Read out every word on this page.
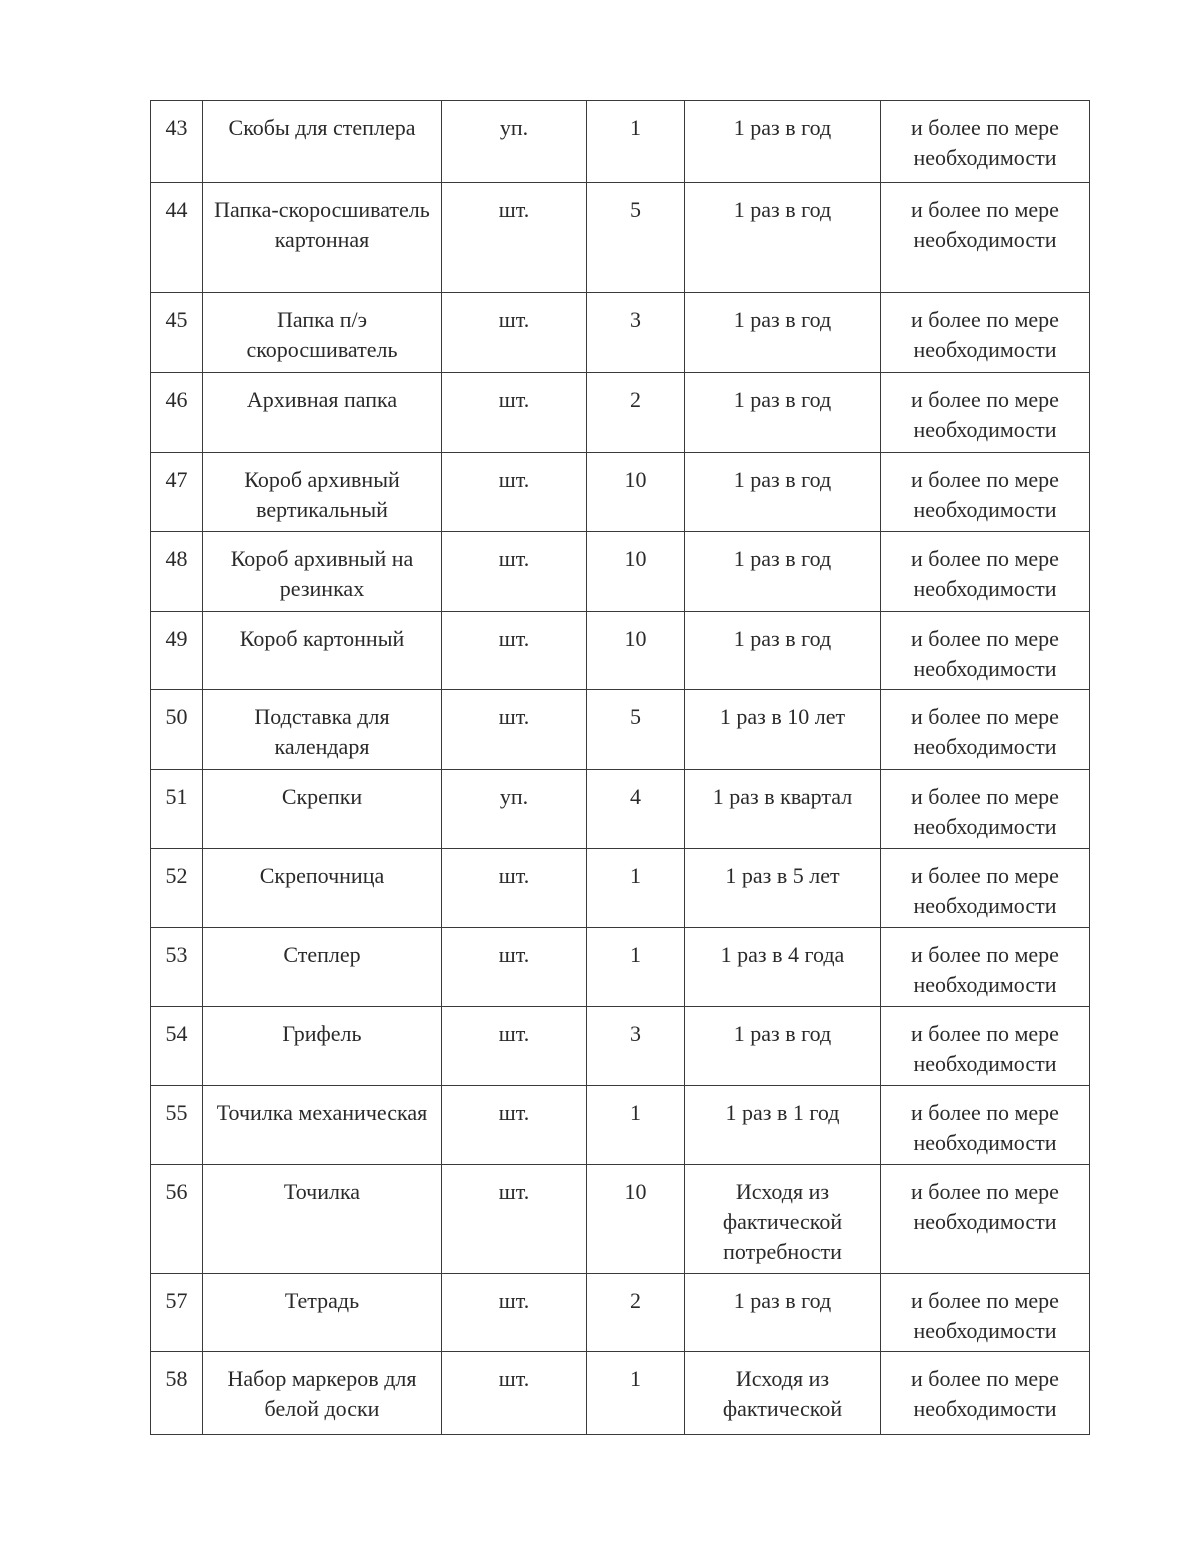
43	Скобы для степлера	уп.	1	1 раз в год	и более по мере необходимости
44	Папка-скоросшиватель картонная	шт.	5	1 раз в год	и более по мере необходимости
45	Папка п/э скоросшиватель	шт.	3	1 раз в год	и более по мере необходимости
46	Архивная папка	шт.	2	1 раз в год	и более по мере необходимости
47	Короб архивный вертикальный	шт.	10	1 раз в год	и более по мере необходимости
48	Короб архивный на резинках	шт.	10	1 раз в год	и более по мере необходимости
49	Короб картонный	шт.	10	1 раз в год	и более по мере необходимости
50	Подставка для календаря	шт.	5	1 раз в 10 лет	и более по мере необходимости
51	Скрепки	уп.	4	1 раз в квартал	и более по мере необходимости
52	Скрепочница	шт.	1	1 раз в 5 лет	и более по мере необходимости
53	Степлер	шт.	1	1 раз в 4 года	и более по мере необходимости
54	Грифель	шт.	3	1 раз в год	и более по мере необходимости
55	Точилка механическая	шт.	1	1 раз в 1 год	и более по мере необходимости
56	Точилка	шт.	10	Исходя из фактической потребности	и более по мере необходимости
57	Тетрадь	шт.	2	1 раз в год	и более по мере необходимости
58	Набор маркеров для белой доски	шт.	1	Исходя из фактической	и более по мере необходимости
